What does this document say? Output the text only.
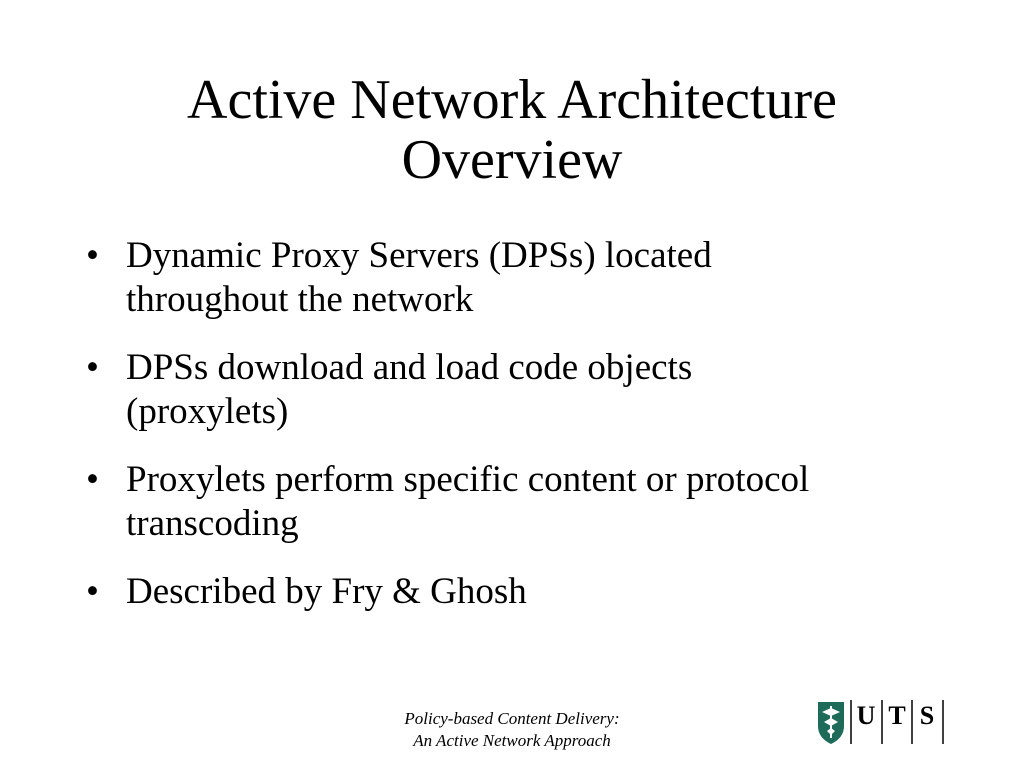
Active Network Architecture
Overview
• Dynamic Proxy Servers (DPSs) located
throughout the network
• DPSs download and load code objects
(proxylets)
• Proxylets perform specific content or protocol
transcoding
• Described by Fry & Ghosh
Policy-based Content Delivery:
An Active Network Approach
U T S
